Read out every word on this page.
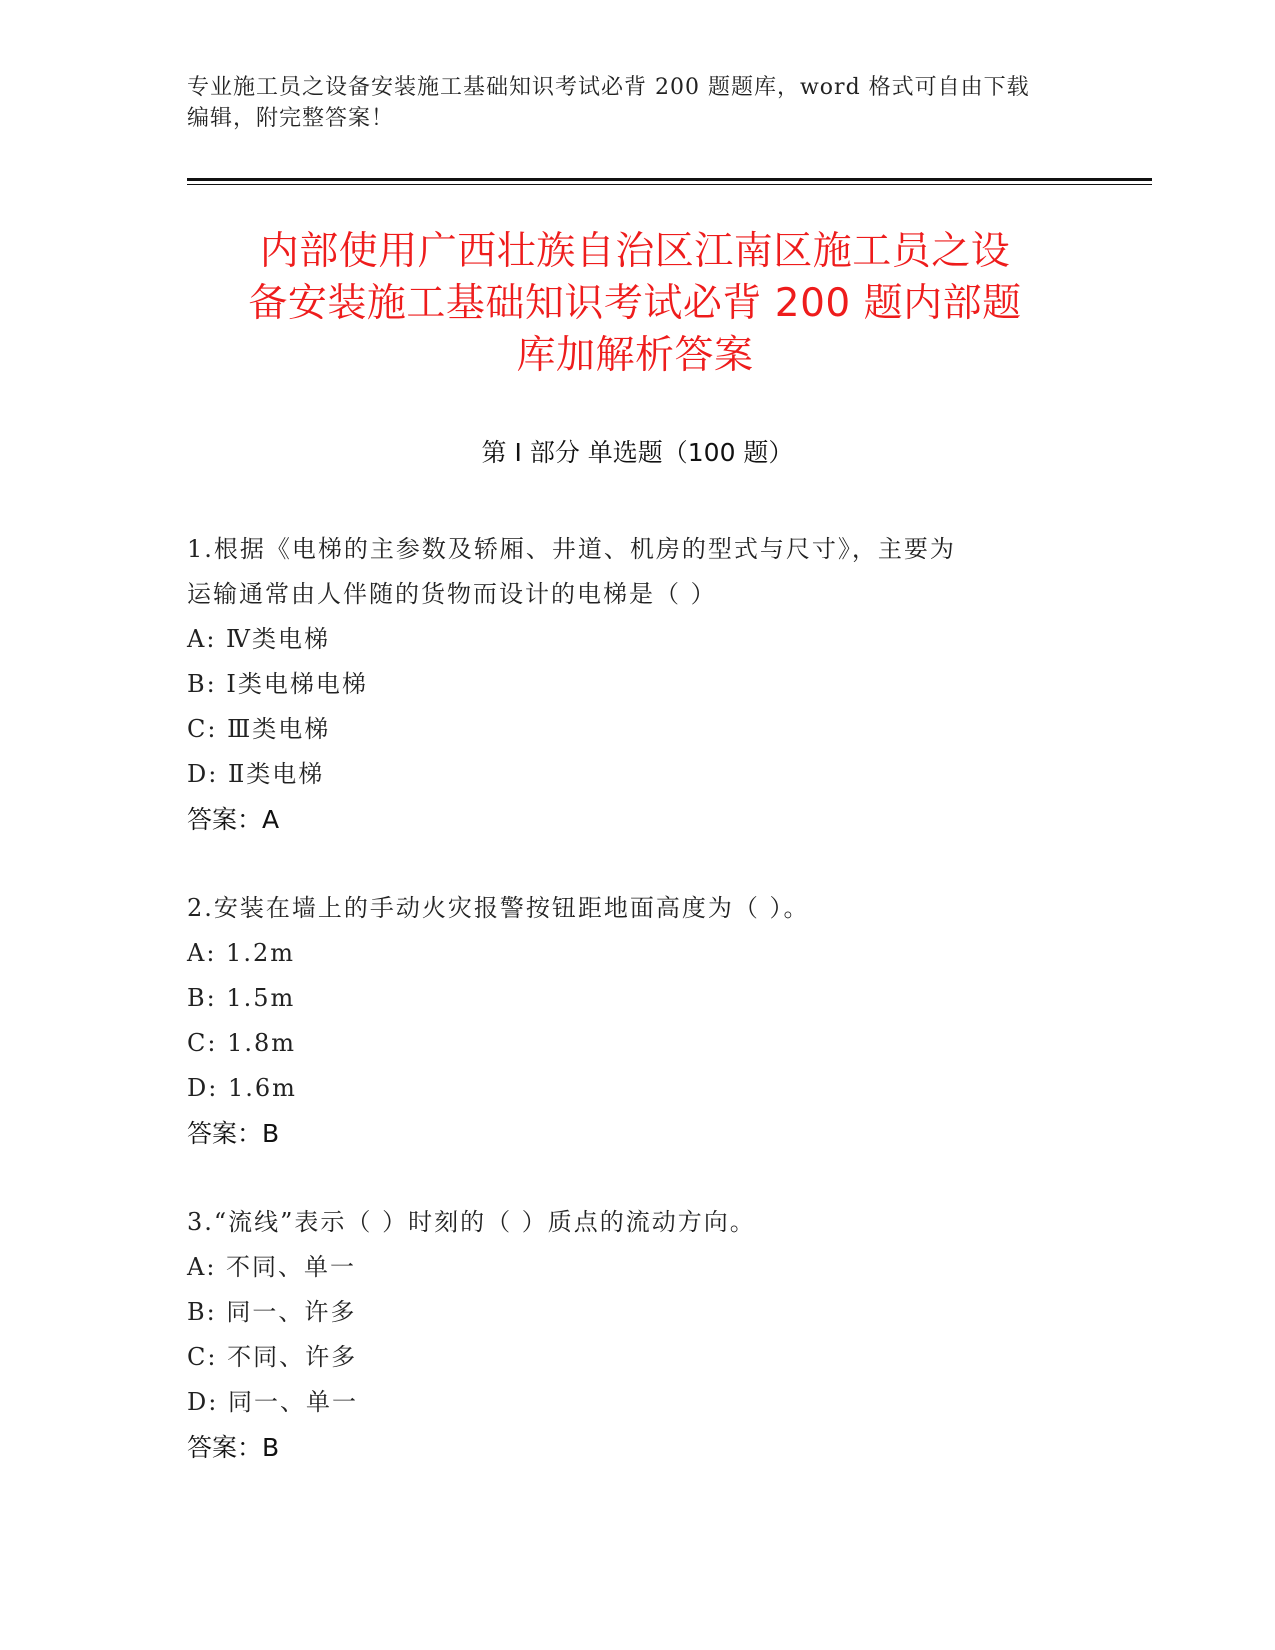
专业施工员之设备安装施工基础知识考试必背 200 题题库，word 格式可自由下载
编辑，附完整答案！
内部使用广西壮族自治区江南区施工员之设
备安装施工基础知识考试必背 200 题内部题
库加解析答案
第 I 部分 单选题（100 题）
1.根据《电梯的主参数及轿厢、井道、机房的型式与尺寸》，主要为
运输通常由人伴随的货物而设计的电梯是（ ）
A: Ⅳ类电梯
B: Ⅰ类电梯电梯
C: Ⅲ类电梯
D: Ⅱ类电梯
答案：A
2.安装在墙上的手动火灾报警按钮距地面高度为（ ）。
A: 1.2m
B: 1.5m
C: 1.8m
D: 1.6m
答案：B
3.“流线”表示（ ）时刻的（ ）质点的流动方向。
A: 不同、单一
B: 同一、许多
C: 不同、许多
D: 同一、单一
答案：B
